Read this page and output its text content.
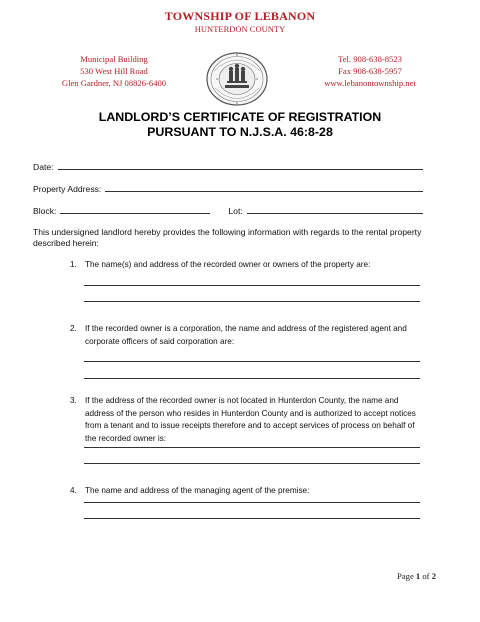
TOWNSHIP OF LEBANON
HUNTERDON COUNTY
Municipal Building
530 West Hill Road
Glen Gardner, NJ 08826-6400
Tel. 908-638-8523
Fax 908-638-5957
www.lebanontownship.net
LANDLORD’S CERTIFICATE OF REGISTRATION
PURSUANT TO N.J.S.A. 46:8-28
Date:
Property Address:
Block:	Lot:
This undersigned landlord hereby provides the following information with regards to the rental property described herein:
1. The name(s) and address of the recorded owner or owners of the property are:
2. If the recorded owner is a corporation, the name and address of the registered agent and corporate officers of said corporation are:
3. If the address of the recorded owner is not located in Hunterdon County, the name and address of the person who resides in Hunterdon County and is authorized to accept notices from a tenant and to issue receipts therefore and to accept services of process on behalf of the recorded owner is:
4. The name and address of the managing agent of the premise:
Page 1 of 2
